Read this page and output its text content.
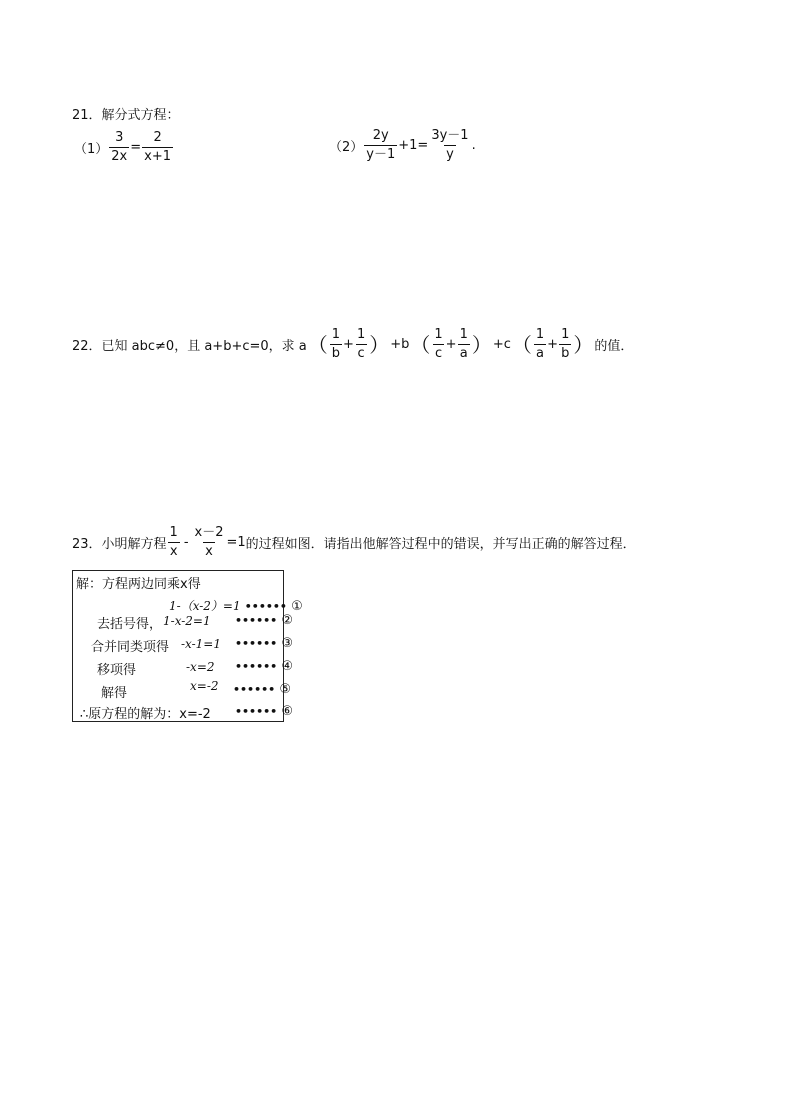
21．解分式方程：
$(1) \frac{3}{2x} = \frac{2}{x+1}$	$(2) \frac{2y}{y-1} +1= \frac{3y-1}{y}$ .
22．已知 abc≠0，且 a+b+c=0，求 a （ $\frac{1}{b} + \frac{1}{c}$ ） +b （ $\frac{1}{c} + \frac{1}{a}$ ） +c （ $\frac{1}{a} + \frac{1}{b}$ ） 的值．
23．小明解方程 $\frac{1}{x} - \frac{x-2}{x} =1$ 的过程如图．请指出他解答过程中的错误，并写出正确的解答过程．
解：方程两边同乘x得
1-（x-2）=1 •••••• ①
去括号得， 1-x-2=1 •••••• ②
合并同类项得 -x-1=1 •••••• ③
移项得	-x=2 •••••• ④
解得	x=-2 •••••• ⑤
∴原方程的解为：x=-2 •••••• ⑥
